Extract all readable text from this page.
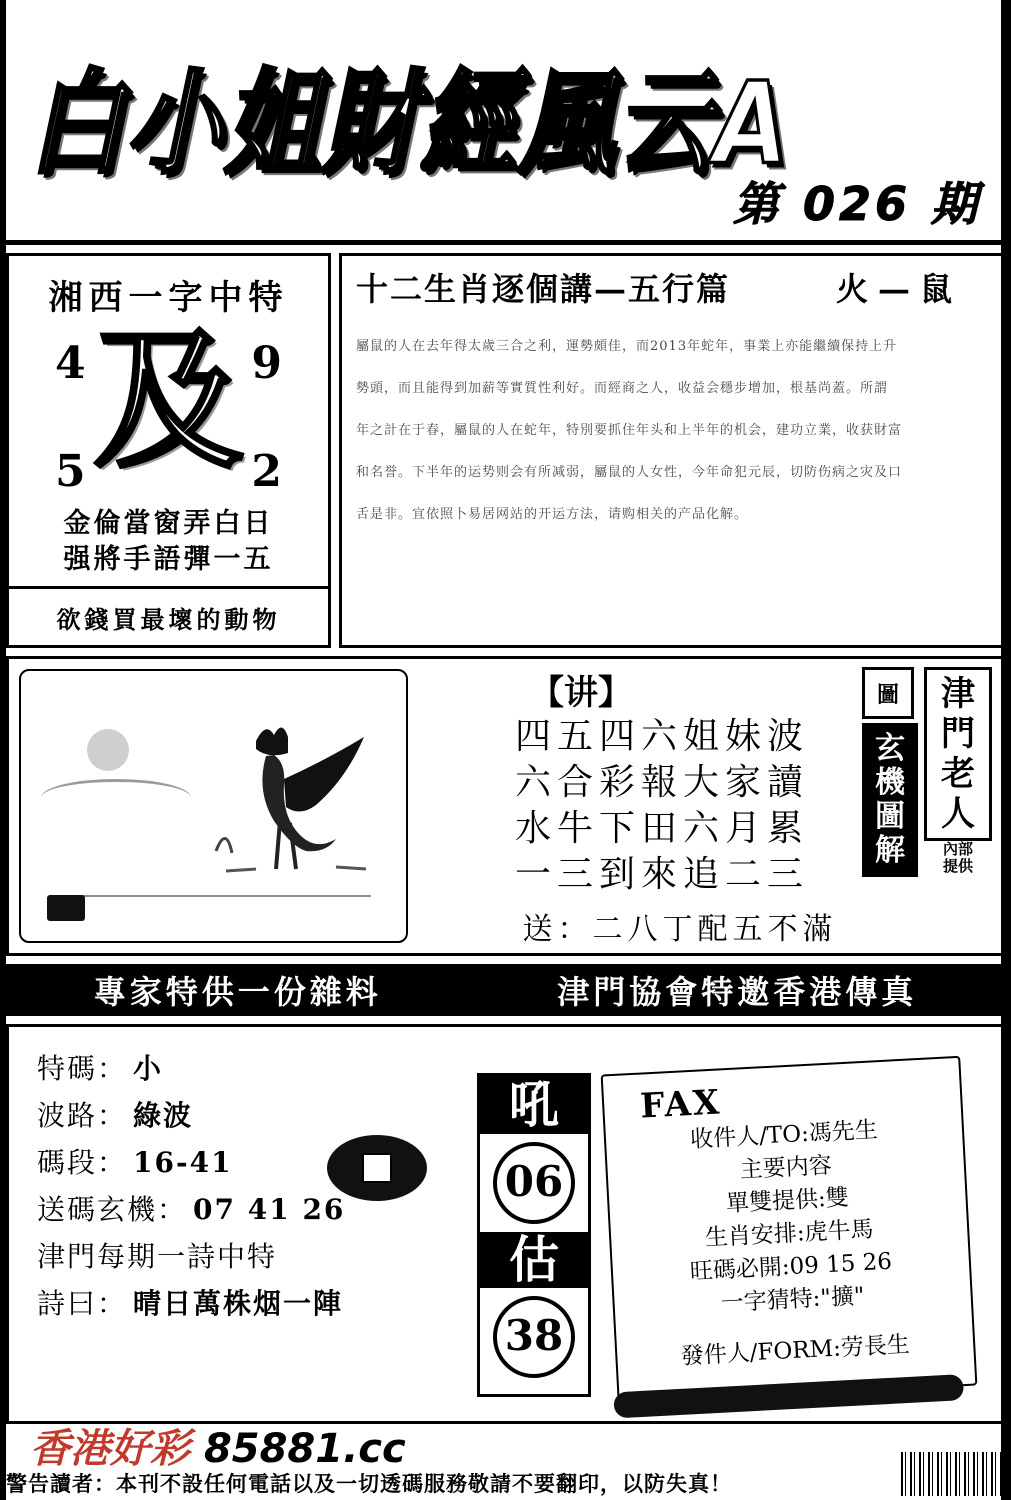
白小姐財經風云A
第 026 期
湘西一字中特
4	9
5	2
及
金倫當窗弄白日
强將手語彈一五
欲錢買最壞的動物
十二生肖逐個講—五行篇	火—鼠

屬鼠的人在去年得太歲三合之利，運勢頗佳，而2013年蛇年，事業上亦能繼續保持上升

勢頭，而且能得到加薪等實質性利好。而經商之人，收益会穩步增加，根基尚蓋。所謂

年之計在于春，屬鼠的人在蛇年，特別要抓住年头和上半年的机会，建功立業，收获財富

和名誉。下半年的运势则会有所减弱，屬鼠的人女性，今年命犯元辰，切防伤病之灾及口

舌是非。宜依照卜易居网站的开运方法，请购相关的产品化解。

【讲】
四五四六姐妹波
六合彩報大家讀
水牛下田六月累
一三到來追二三
送：二八丁配五不滿
圖
玄機圖解
津門老人
內部
提供
專家特供一份雜料	津門協會特邀香港傳真
特碼： 小
波路： 綠波
碼段： 16-41
送碼玄機： 07 41 26
津門每期一詩中特
詩曰： 晴日萬株烟一陣
吼
06
估
38
FAX
收件人/TO:馮先生
主要内容
單雙提供:雙
生肖安排:虎牛馬
旺碼必開:09 15 26
一字猜特:"擴"
發件人/FORM:劳長生
香港好彩 85881.cc
警告讀者：本刊不設任何電話以及一切透碼服務敬請不要翻印，以防失真！
